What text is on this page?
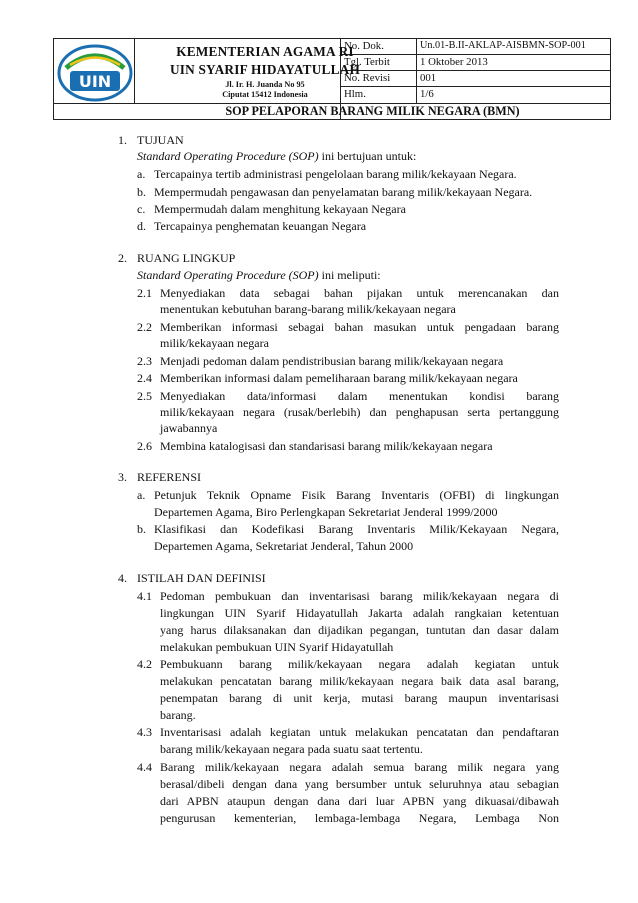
UIN
KEMENTERIAN AGAMA RI
UIN SYARIF HIDAYATULLAH
Jl. Ir. H. Juanda No 95
Ciputat 15412 Indonesia
No. Dok.	Un.01-B.II-AKLAP-AISBMN-SOP-001
Tgl. Terbit	1 Oktober 2013
No. Revisi	001
Hlm.	1/6
SOP PELAPORAN BARANG MILIK NEGARA (BMN)
1. TUJUAN
Standard Operating Procedure (SOP) ini bertujuan untuk:
a. Tercapainya tertib administrasi pengelolaan barang milik/kekayaan Negara.
b. Mempermudah pengawasan dan penyelamatan barang milik/kekayaan Negara.
c. Mempermudah dalam menghitung kekayaan Negara
d. Tercapainya penghematan keuangan Negara
2. RUANG LINGKUP
Standard Operating Procedure (SOP) ini meliputi:
2.1 Menyediakan data sebagai bahan pijakan untuk merencanakan dan
menentukan kebutuhan barang-barang milik/kekayaan negara
2.2 Memberikan informasi sebagai bahan masukan untuk pengadaan barang
milik/kekayaan negara
2.3 Menjadi pedoman dalam pendistribusian barang milik/kekayaan negara
2.4 Memberikan informasi dalam pemeliharaan barang milik/kekayaan negara
2.5 Menyediakan data/informasi dalam menentukan kondisi barang
milik/kekayaan negara (rusak/berlebih) dan penghapusan serta pertanggung
jawabannya
2.6 Membina katalogisasi dan standarisasi barang milik/kekayaan negara
3. REFERENSI
a. Petunjuk Teknik Opname Fisik Barang Inventaris (OFBI) di lingkungan
Departemen Agama, Biro Perlengkapan Sekretariat Jenderal 1999/2000
b. Klasifikasi dan Kodefikasi Barang Inventaris Milik/Kekayaan Negara,
Departemen Agama, Sekretariat Jenderal, Tahun 2000
4. ISTILAH DAN DEFINISI
4.1 Pedoman pembukuan dan inventarisasi barang milik/kekayaan negara di
lingkungan UIN Syarif Hidayatullah Jakarta adalah rangkaian ketentuan
yang harus dilaksanakan dan dijadikan pegangan, tuntutan dan dasar dalam
melakukan pembukuan UIN Syarif Hidayatullah
4.2 Pembukuann barang milik/kekayaan negara adalah kegiatan untuk
melakukan pencatatan barang milik/kekayaan negara baik data asal barang,
penempatan barang di unit kerja, mutasi barang maupun inventarisasi
barang.
4.3 Inventarisasi adalah kegiatan untuk melakukan pencatatan dan pendaftaran
barang milik/kekayaan negara pada suatu saat tertentu.
4.4 Barang milik/kekayaan negara adalah semua barang milik negara yang
berasal/dibeli dengan dana yang bersumber untuk seluruhnya atau sebagian
dari APBN ataupun dengan dana dari luar APBN yang dikuasai/dibawah
pengurusan kementerian, lembaga-lembaga Negara, Lembaga Non
